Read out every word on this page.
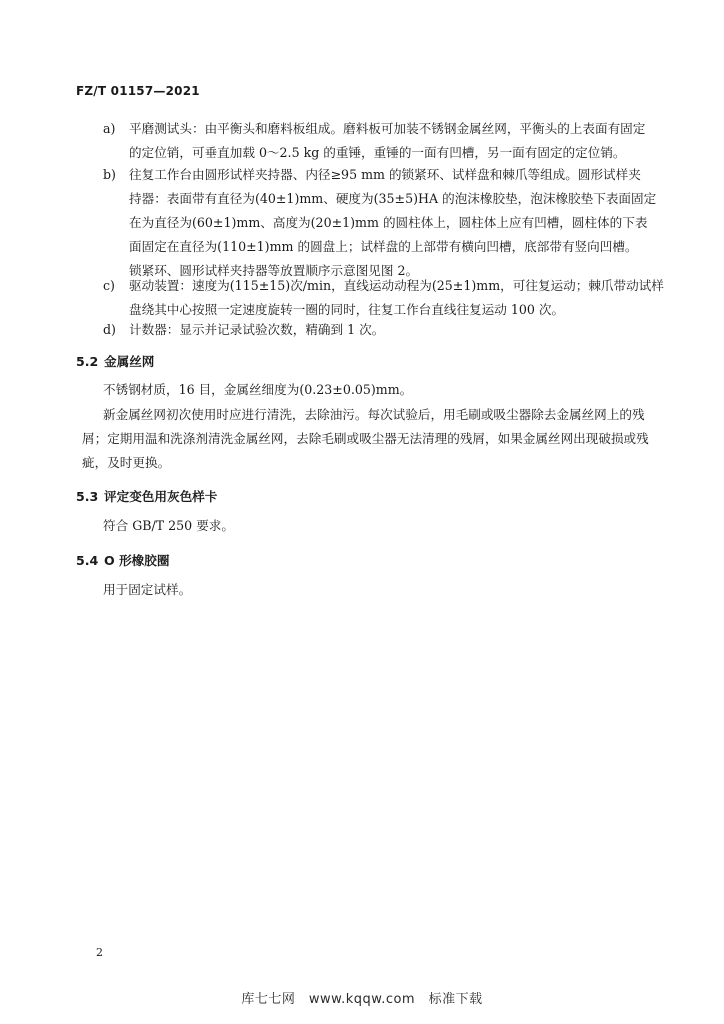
FZ/T 01157—2021
a)	平磨测试头：由平衡头和磨料板组成。磨料板可加装不锈钢金属丝网，平衡头的上表面有固定
的定位销，可垂直加载 0～2.5 kg 的重锤，重锤的一面有凹槽，另一面有固定的定位销。
b)	往复工作台由圆形试样夹持器、内径≥95 mm 的锁紧环、试样盘和棘爪等组成。圆形试样夹
持器：表面带有直径为(40±1)mm、硬度为(35±5)HA 的泡沫橡胶垫，泡沫橡胶垫下表面固定
在为直径为(60±1)mm、高度为(20±1)mm 的圆柱体上，圆柱体上应有凹槽，圆柱体的下表
面固定在直径为(110±1)mm 的圆盘上；试样盘的上部带有横向凹槽，底部带有竖向凹槽。
锁紧环、圆形试样夹持器等放置顺序示意图见图 2。
c)	驱动装置：速度为(115±15)次/min，直线运动动程为(25±1)mm，可往复运动；棘爪带动试样
盘绕其中心按照一定速度旋转一圈的同时，往复工作台直线往复运动 100 次。
d)	计数器：显示并记录试验次数，精确到 1 次。
5.2 金属丝网
不锈钢材质，16 目，金属丝细度为(0.23±0.05)mm。
新金属丝网初次使用时应进行清洗，去除油污。每次试验后，用毛刷或吸尘器除去金属丝网上的残
屑；定期用温和洗涤剂清洗金属丝网，去除毛刷或吸尘器无法清理的残屑，如果金属丝网出现破损或残
疵，及时更换。
5.3 评定变色用灰色样卡
符合 GB/T 250 要求。
5.4 O 形橡胶圈
用于固定试样。
2
库七七网　www.kqqw.com　标准下载
